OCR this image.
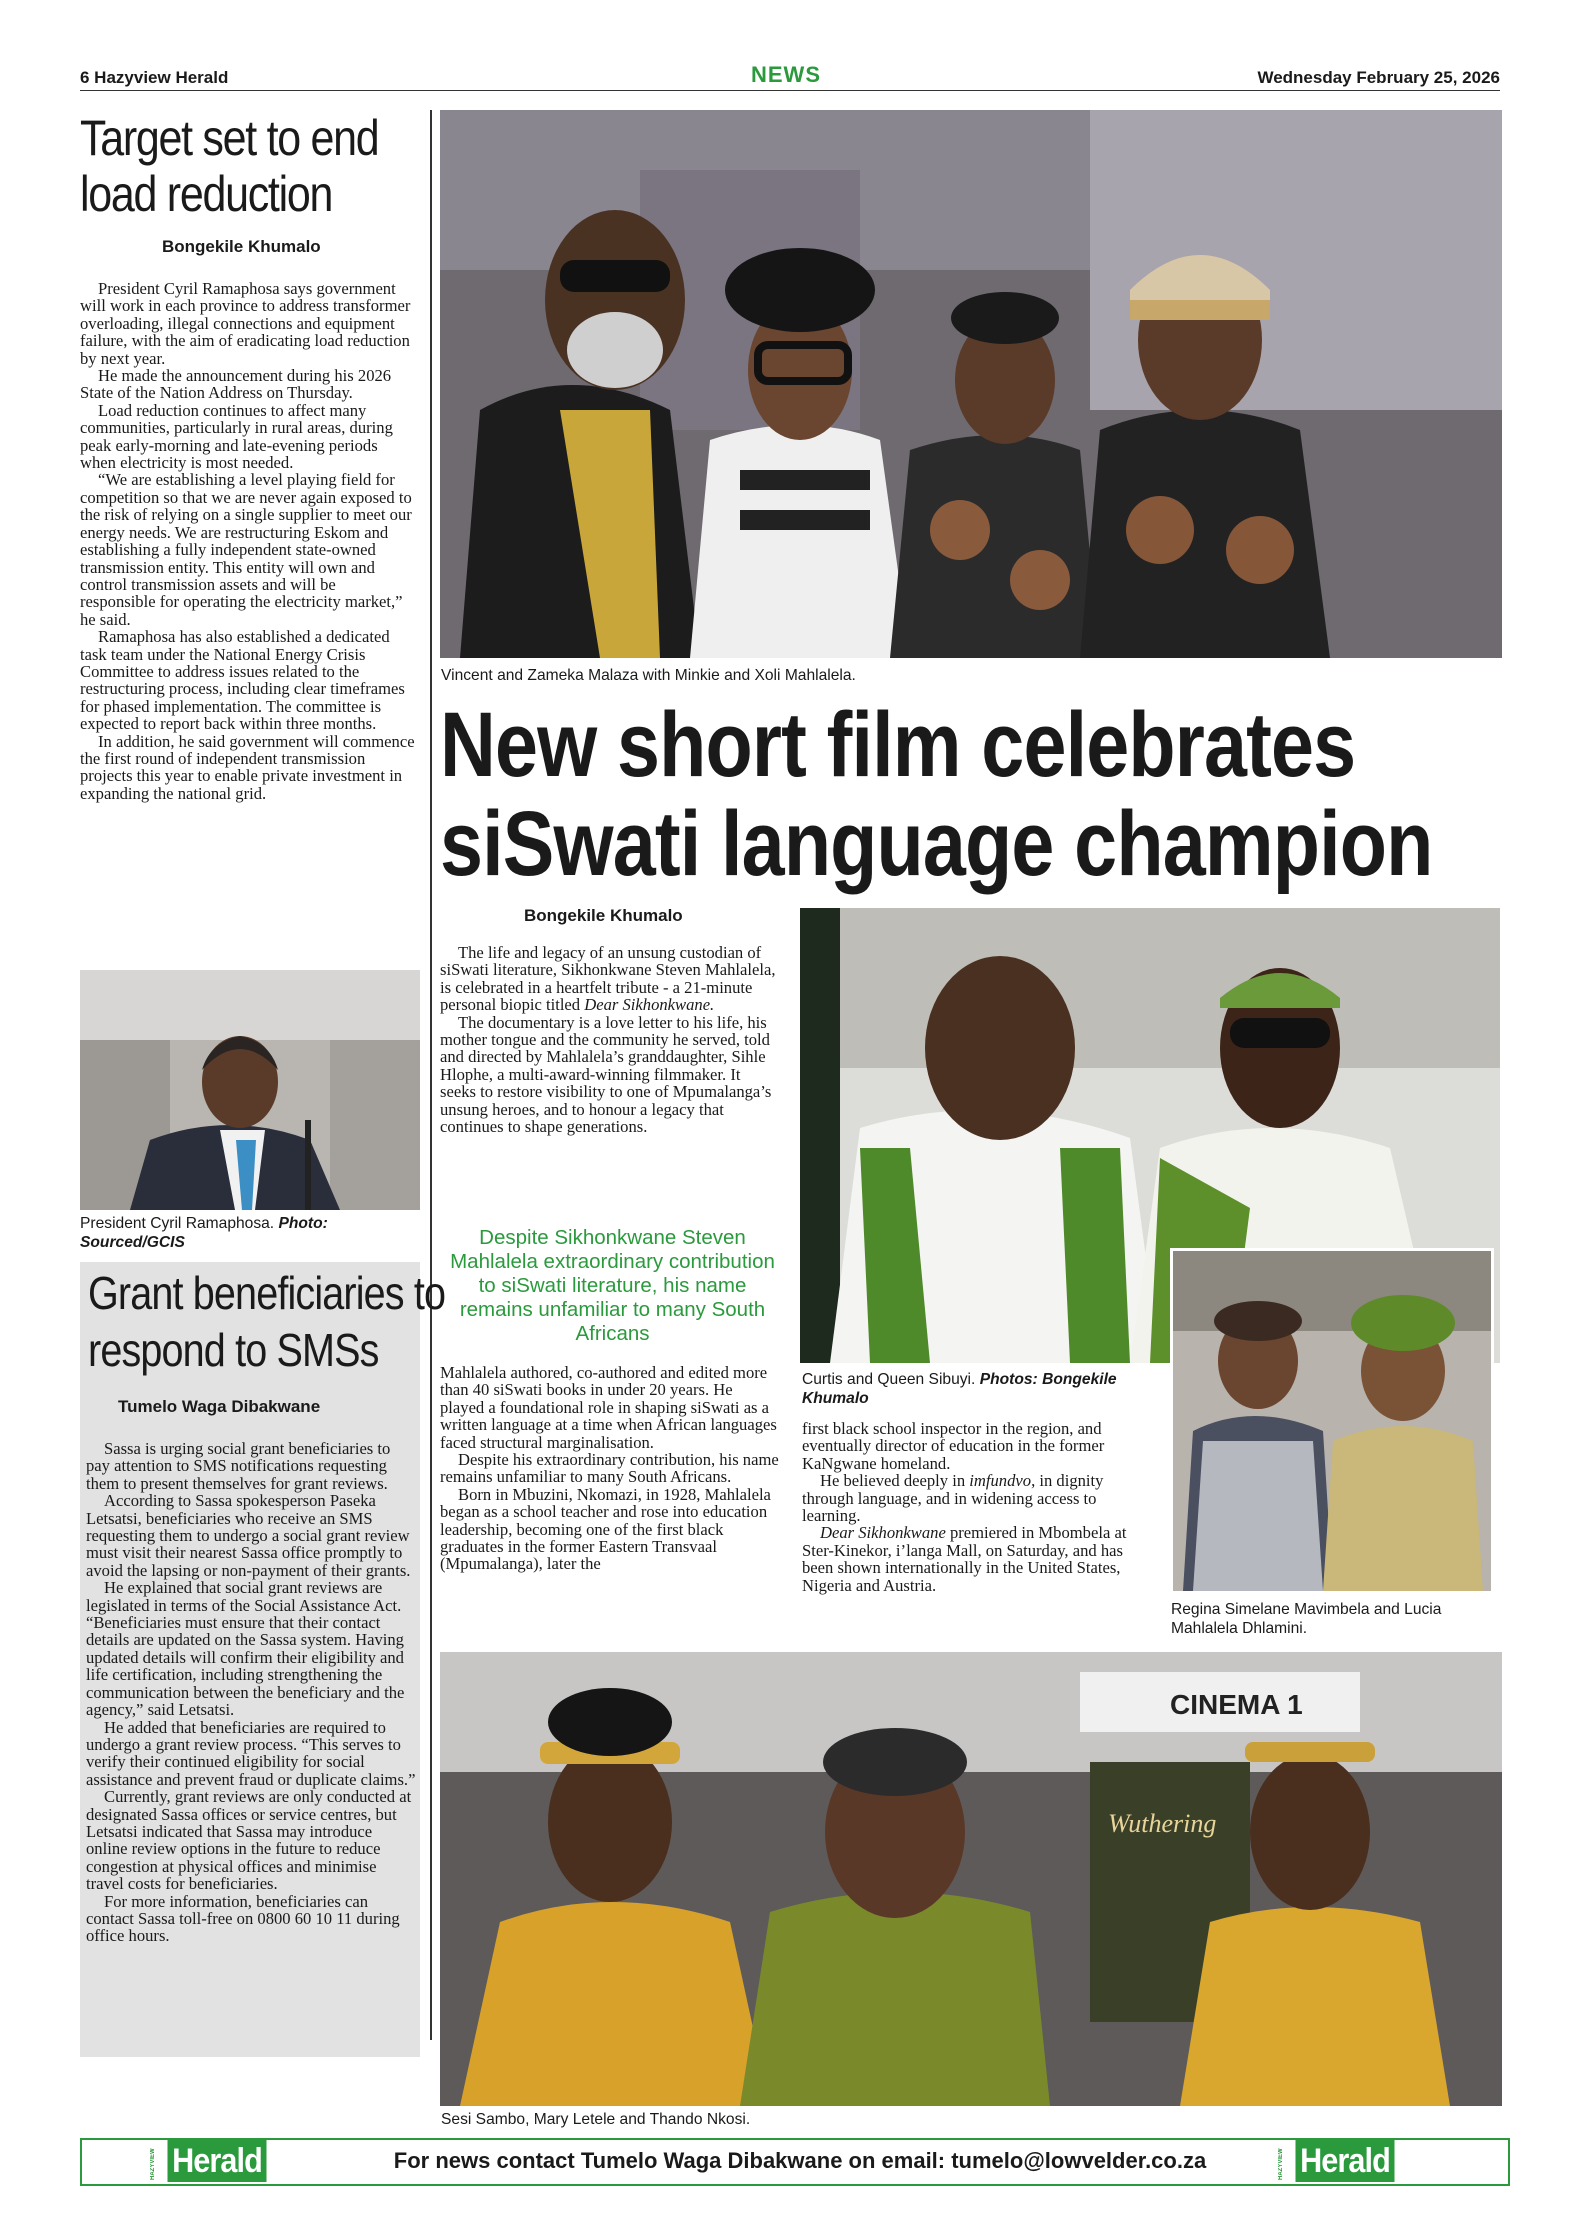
6 Hazyview Herald	NEWS	Wednesday February 25, 2026
Target set to end load reduction
Bongekile Khumalo

President Cyril Ramaphosa says government will work in each province to address transformer overloading, illegal connections and equipment failure, with the aim of eradicating load reduction by next year.

He made the announcement during his 2026 State of the Nation Address on Thursday.

Load reduction continues to affect many communities, particularly in rural areas, during peak early-morning and late-evening periods when electricity is most needed.

“We are establishing a level playing field for competition so that we are never again exposed to the risk of relying on a single supplier to meet our energy needs. We are restructuring Eskom and establishing a fully independent state-owned transmission entity. This entity will own and control transmission assets and will be responsible for operating the electricity market,” he said.

Ramaphosa has also established a dedicated task team under the National Energy Crisis Committee to address issues related to the restructuring process, including clear timeframes for phased implementation. The committee is expected to report back within three months.

In addition, he said government will commence the first round of independent transmission projects this year to enable private investment in expanding the national grid.

President Cyril Ramaphosa. Photo: Sourced/GCIS
Grant beneficiaries to respond to SMSs
Tumelo Waga Dibakwane

Sassa is urging social grant beneficiaries to pay attention to SMS notifications requesting them to present themselves for grant reviews.

According to Sassa spokesperson Paseka Letsatsi, beneficiaries who receive an SMS requesting them to undergo a social grant review must visit their nearest Sassa office promptly to avoid the lapsing or non-payment of their grants.

He explained that social grant reviews are legislated in terms of the Social Assistance Act. “Beneficiaries must ensure that their contact details are updated on the Sassa system. Having updated details will confirm their eligibility and life certification, including strengthening the communication between the beneficiary and the agency,” said Letsatsi.

He added that beneficiaries are required to undergo a grant review process. “This serves to verify their continued eligibility for social assistance and prevent fraud or duplicate claims.”

Currently, grant reviews are only conducted at designated Sassa offices or service centres, but Letsatsi indicated that Sassa may introduce online review options in the future to reduce congestion at physical offices and minimise travel costs for beneficiaries.

For more information, beneficiaries can contact Sassa toll-free on 0800 60 10 11 during office hours.

Vincent and Zameka Malaza with Minkie and Xoli Mahlalela.
New short film celebrates siSwati language champion
Bongekile Khumalo

The life and legacy of an unsung custodian of siSwati literature, Sikhonkwane Steven Mahlalela, is celebrated in a heartfelt tribute - a 21-minute personal biopic titled Dear Sikhonkwane.

The documentary is a love letter to his life, his mother tongue and the community he served, told and directed by Mahlalela’s granddaughter, Sihle Hlophe, a multi-award-winning filmmaker. It seeks to restore visibility to one of Mpumalanga’s unsung heroes, and to honour a legacy that continues to shape generations.

Despite Sikhonkwane Steven Mahlalela extraordinary contribution to siSwati literature, his name remains unfamiliar to many South Africans

Mahlalela authored, co-authored and edited more than 40 siSwati books in under 20 years. He played a foundational role in shaping siSwati as a written language at a time when African languages faced structural marginalisation.

Despite his extraordinary contribution, his name remains unfamiliar to many South Africans.

Born in Mbuzini, Nkomazi, in 1928, Mahlalela began as a school teacher and rose into education leadership, becoming one of the first black graduates in the former Eastern Transvaal (Mpumalanga), later the

Curtis and Queen Sibuyi. Photos: Bongekile Khumalo

first black school inspector in the region, and eventually director of education in the former KaNgwane homeland.

He believed deeply in imfundvo, in dignity through language, and in widening access to learning.

Dear Sikhonkwane premiered in Mbombela at Ster-Kinekor, i’langa Mall, on Saturday, and has been shown internationally in the United States, Nigeria and Austria.

Regina Simelane Mavimbela and Lucia Mahlalela Dhlamini.
CINEMA 1
Wuthering
Sesi Sambo, Mary Letele and Thando Nkosi.
HAZYVIEW Herald	For news contact Tumelo Waga Dibakwane on email: tumelo@lowvelder.co.za	HAZYVIEW Herald
